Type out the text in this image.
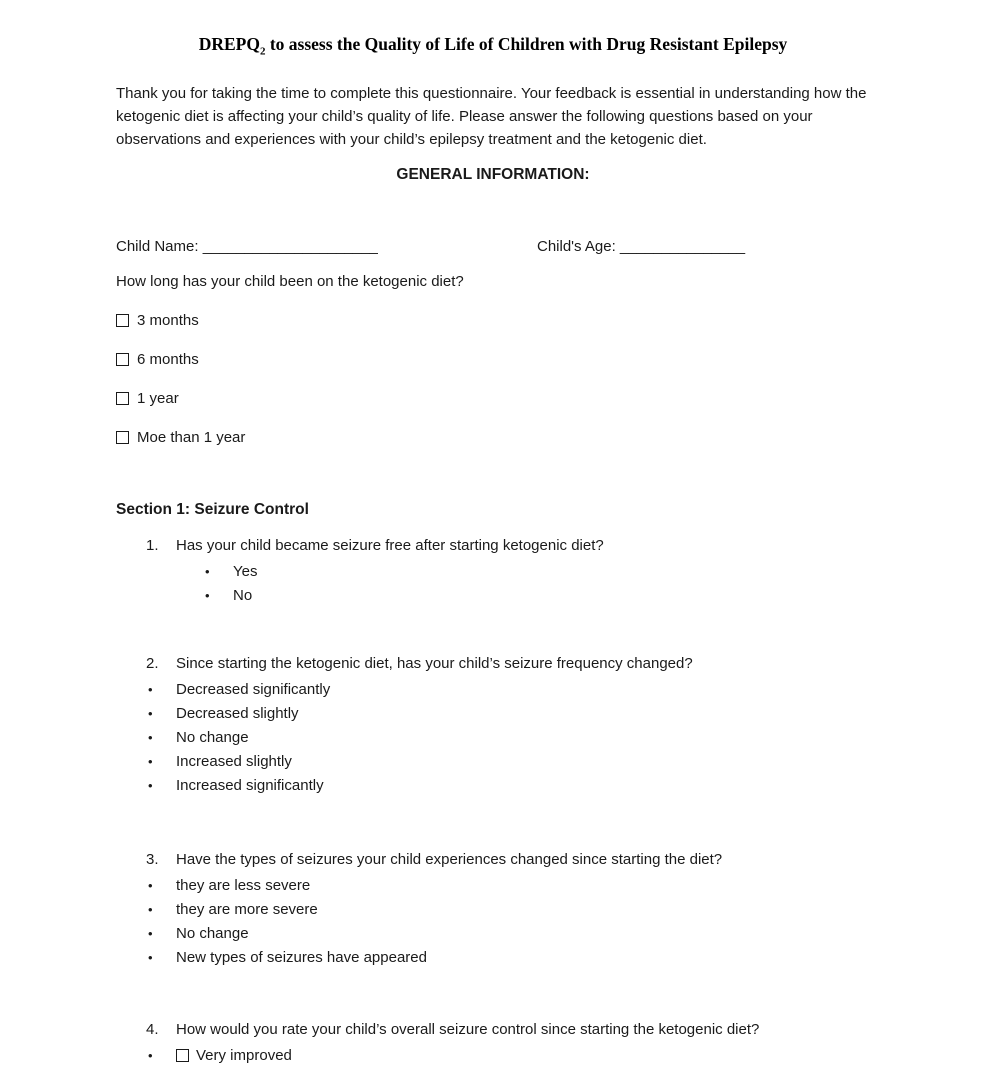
$DREPQ_2$ to assess the Quality of Life of Children with Drug Resistant Epilepsy

Thank you for taking the time to complete this questionnaire. Your feedback is essential in understanding how the ketogenic diet is affecting your child’s quality of life. Please answer the following questions based on your observations and experiences with your child’s epilepsy treatment and the ketogenic diet.

GENERAL INFORMATION:

Child Name: _____________________	Child's Age: _______________

How long has your child been on the ketogenic diet?

3 months
6 months
1 year
Moe than 1 year

Section 1: Seizure Control

1.	Has your child became seizure free after starting ketogenic diet?
•	Yes
•	No
2.	Since starting the ketogenic diet, has your child’s seizure frequency changed?
•	Decreased significantly
•	Decreased slightly
•	No change
•	Increased slightly
•	Increased significantly
3.	Have the types of seizures your child experiences changed since starting the diet?
•	they are less severe
•	they are more severe
•	No change
•	New types of seizures have appeared
4.	How would you rate your child’s overall seizure control since starting the ketogenic diet?
•	Very improved
